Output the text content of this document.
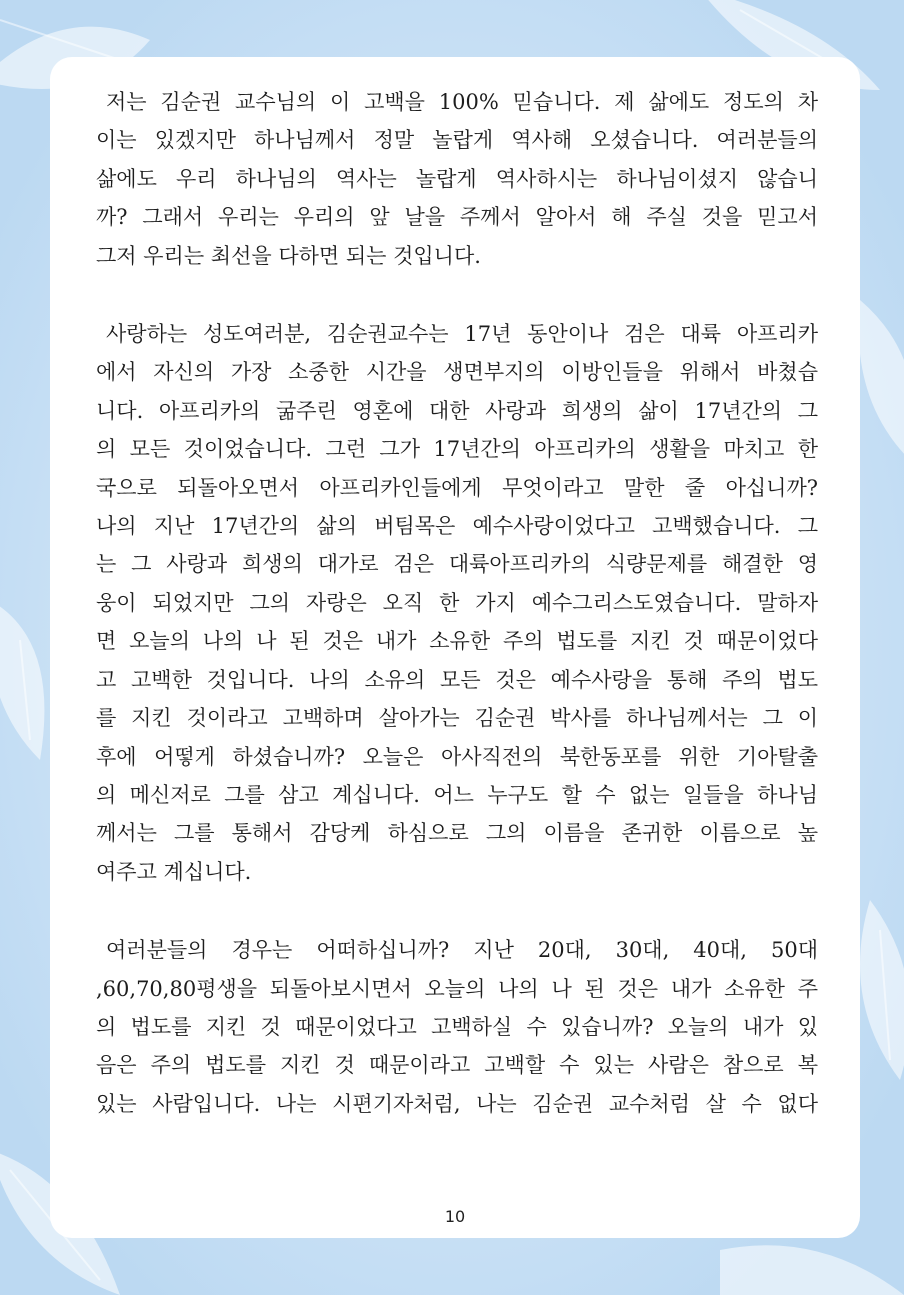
저는 김순권 교수님의 이 고백을 100% 믿습니다. 제 삶에도 정도의 차
이는 있겠지만 하나님께서 정말 놀랍게 역사해 오셨습니다. 여러분들의
삶에도 우리 하나님의 역사는 놀랍게 역사하시는 하나님이셨지 않습니
까? 그래서 우리는 우리의 앞 날을 주께서 알아서 해 주실 것을 믿고서
그저 우리는 최선을 다하면 되는 것입니다.
사랑하는 성도여러분, 김순권교수는 17년 동안이나 검은 대륙 아프리카
에서 자신의 가장 소중한 시간을 생면부지의 이방인들을 위해서 바쳤습
니다. 아프리카의 굶주린 영혼에 대한 사랑과 희생의 삶이 17년간의 그
의 모든 것이었습니다. 그런 그가 17년간의 아프리카의 생활을 마치고 한
국으로 되돌아오면서 아프리카인들에게 무엇이라고 말한 줄 아십니까?
나의 지난 17년간의 삶의 버팀목은 예수사랑이었다고 고백했습니다. 그
는 그 사랑과 희생의 대가로 검은 대륙아프리카의 식량문제를 해결한 영
웅이 되었지만 그의 자랑은 오직 한 가지 예수그리스도였습니다. 말하자
면 오늘의 나의 나 된 것은 내가 소유한 주의 법도를 지킨 것 때문이었다
고 고백한 것입니다. 나의 소유의 모든 것은 예수사랑을 통해 주의 법도
를 지킨 것이라고 고백하며 살아가는 김순권 박사를 하나님께서는 그 이
후에 어떻게 하셨습니까? 오늘은 아사직전의 북한동포를 위한 기아탈출
의 메신저로 그를 삼고 계십니다. 어느 누구도 할 수 없는 일들을 하나님
께서는 그를 통해서 감당케 하심으로 그의 이름을 존귀한 이름으로 높
여주고 계십니다.
여러분들의 경우는 어떠하십니까? 지난 20대, 30대, 40대, 50대
,60,70,80평생을 되돌아보시면서 오늘의 나의 나 된 것은 내가 소유한 주
의 법도를 지킨 것 때문이었다고 고백하실 수 있습니까? 오늘의 내가 있
음은 주의 법도를 지킨 것 때문이라고 고백할 수 있는 사람은 참으로 복
있는 사람입니다. 나는 시편기자처럼, 나는 김순권 교수처럼 살 수 없다
10
